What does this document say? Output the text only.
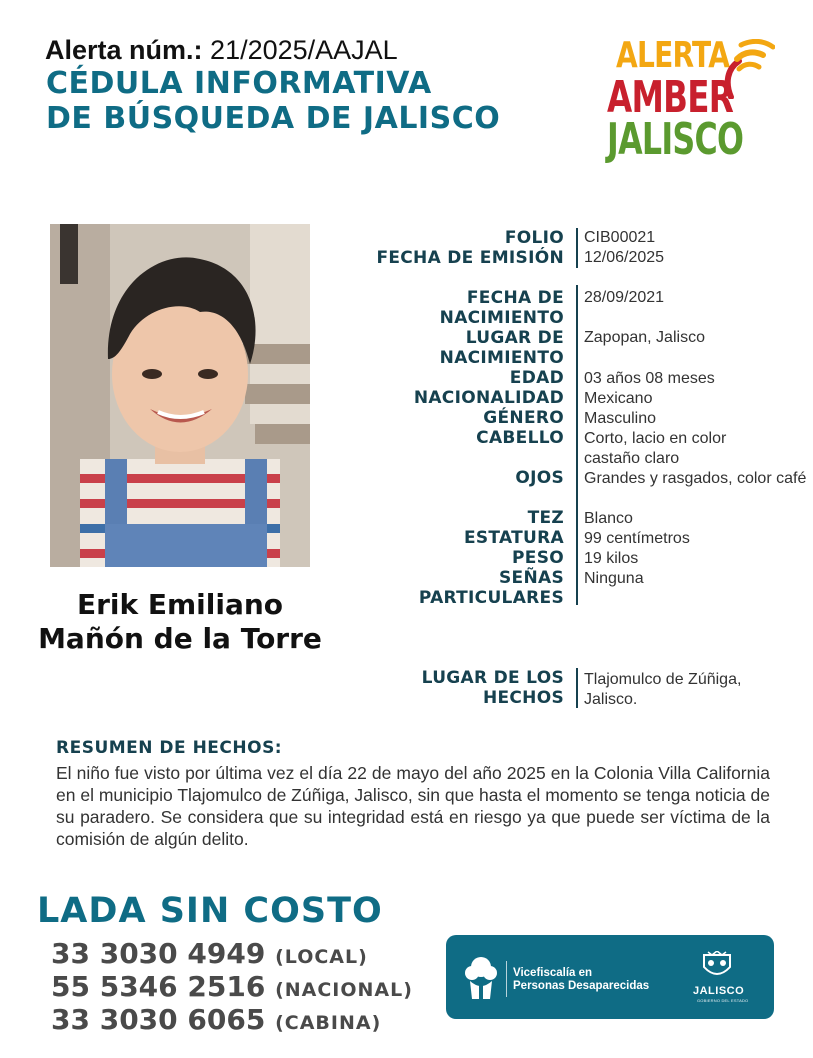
Alerta núm.: 21/2025/AAJAL
CÉDULA INFORMATIVA
DE BÚSQUEDA DE JALISCO
ALERTA
AMBER
JALISCO
Erik Emiliano
Mañón de la Torre
FOLIO
FECHA DE EMISIÓN
FECHA DE
NACIMIENTO
LUGAR DE
NACIMIENTO
EDAD
NACIONALIDAD
GÉNERO
CABELLO
OJOS
TEZ
ESTATURA
PESO
SEÑAS
PARTICULARES
LUGAR DE LOS
HECHOS
CIB00021
12/06/2025
28/09/2021
Zapopan, Jalisco
03 años 08 meses
Mexicano
Masculino
Corto, lacio en color castaño claro
Grandes y rasgados, color café
Blanco
99 centímetros
19 kilos
Ninguna
Tlajomulco de Zúñiga,
Jalisco.
RESUMEN DE HECHOS:
El niño fue visto por última vez el día 22 de mayo del año 2025 en la Colonia Villa California en el municipio Tlajomulco de Zúñiga, Jalisco, sin que hasta el momento se tenga noticia de su paradero. Se considera que su integridad está en riesgo ya que puede ser víctima de la comisión de algún delito.
LADA SIN COSTO
33 3030 4949 (LOCAL)
55 5346 2516 (NACIONAL)
33 3030 6065 (CABINA)
Vicefiscalía en
Personas Desaparecidas	JALISCO
GOBIERNO DEL ESTADO
